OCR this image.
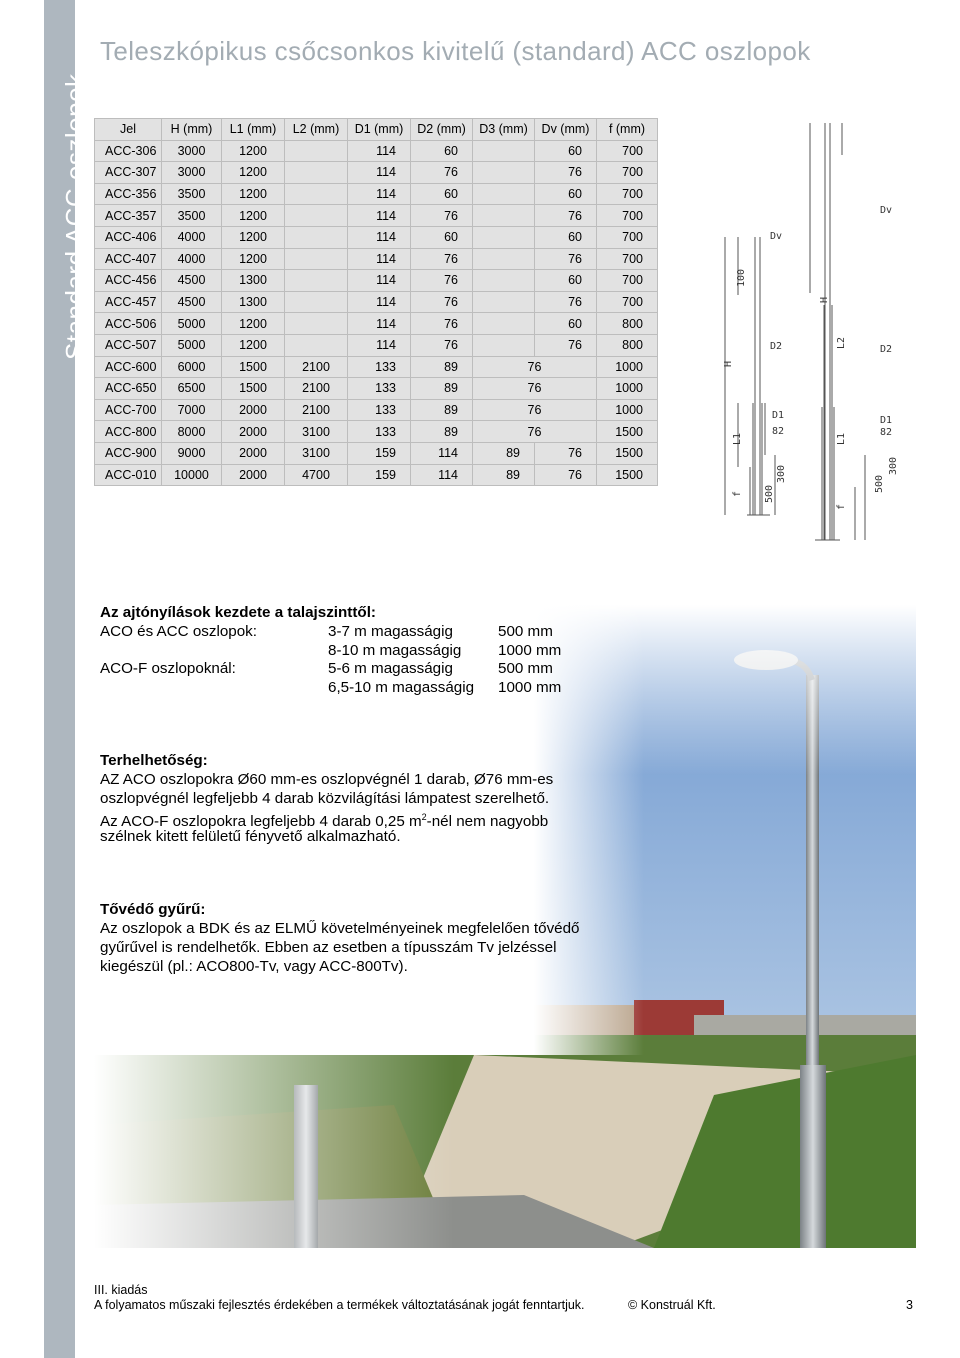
Standard ACC oszlopok
Teleszkópikus csőcsonkos kivitelű (standard) ACC oszlopok
Jel	H (mm)	L1 (mm)	L2 (mm)	D1 (mm)	D2 (mm)	D3 (mm)	Dv (mm)	f (mm)
ACC-306	3000	1200		114	60		60	700
ACC-307	3000	1200		114	76		76	700
ACC-356	3500	1200		114	60		60	700
ACC-357	3500	1200		114	76		76	700
ACC-406	4000	1200		114	60		60	700
ACC-407	4000	1200		114	76		76	700
ACC-456	4500	1300		114	76		60	700
ACC-457	4500	1300		114	76		76	700
ACC-506	5000	1200		114	76		60	800
ACC-507	5000	1200		114	76		76	800
ACC-600	6000	1500	2100	133	89	76		1000
ACC-650	6500	1500	2100	133	89	76		1000
ACC-700	7000	2000	2100	133	89	76		1000
ACC-800	8000	2000	3100	133	89	76		1500
ACC-900	9000	2000	3100	159	114	89	76	1500
ACC-010	10000	2000	4700	159	114	89	76	1500
Dv
D2
D1
82
Dv
D2
D1
82
H
100
L1
f 500
300
H
L2
L1
f
500
300
Az ajtónyílások kezdete a talajszinttől:
ACO és ACC oszlopok:	3-7 m magasságig	500 mm
8-10 m magasságig 1000 mm
ACO-F oszlopoknál:	5-6 m magasságig	500 mm
6,5-10 m magasságig 1000 mm
Terhelhetőség:
AZ ACO oszlopokra Ø60 mm-es oszlopvégnél 1 darab, Ø76 mm-es
oszlopvégnél legfeljebb 4 darab közvilágítási lámpatest szerelhető.
Az ACO-F oszlopokra legfeljebb 4 darab 0,25 $m^2$-nél nem nagyobb
szélnek kitett felületű fényvető alkalmazható.
Tővédő gyűrű:
Az oszlopok a BDK és az ELMŰ követelményeinek megfelelően tővédő
gyűrűvel is rendelhetők. Ebben az esetben a típusszám Tv jelzéssel
kiegészül (pl.: ACO800-Tv, vagy ACC-800Tv).
III. kiadás
A folyamatos műszaki fejlesztés érdekében a termékek változtatásának jogát fenntartjuk.	© Konstruál Kft.	3
